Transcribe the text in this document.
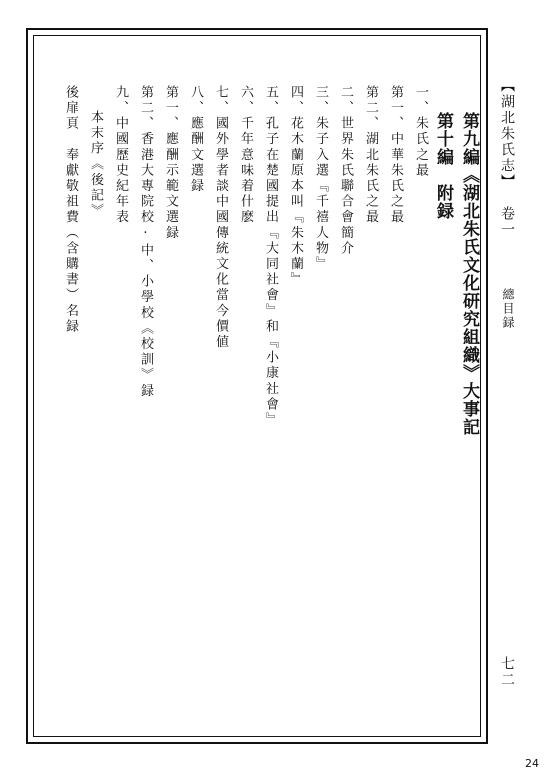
第九編《湖北朱氏文化研究組織》大事記
第十編　附録
一、朱氏之最
第一、中華朱氏之最
第二、湖北朱氏之最
二、世界朱氏聯合會簡介
三、朱子入選『千禧人物』
四、花木蘭原本叫『朱木蘭』
五、孔子在楚國提出『大同社會』和『小康社會』
六、千年意味着什麽
七、國外學者談中國傳統文化當今價値
八、應酬文選録
第一、應酬示範文選録
第二、香港大專院校·中、小學校《校訓》録
九、中國歷史紀年表
本末序《後記》
後扉頁　奉獻敬祖費（含購書）名録	【湖北朱氏志】
卷一
總目録
七二
24
